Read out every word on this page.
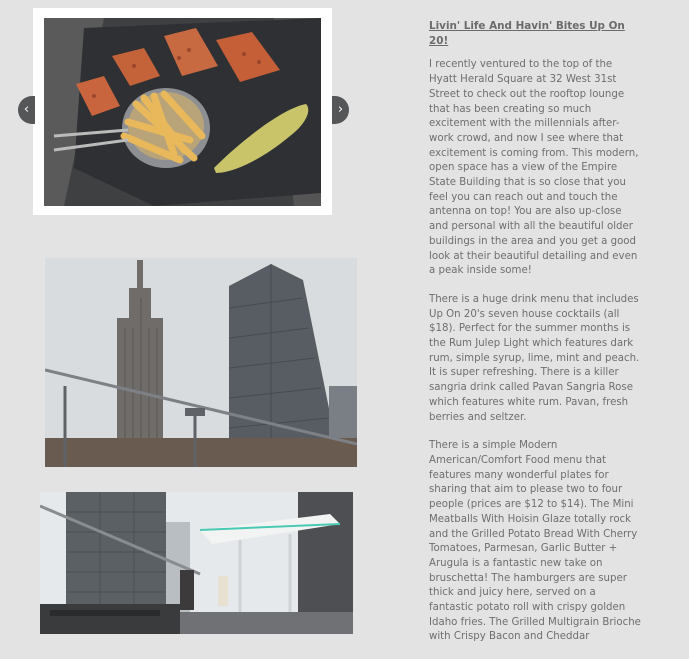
‹	›
Livin' Life And Havin' Bites Up On 20!

I recently ventured to the top of the Hyatt Herald Square at 32 West 31st Street to check out the rooftop lounge that has been creating so much excitement with the millennials after-work crowd, and now I see where that excitement is coming from. This modern, open space has a view of the Empire State Building that is so close that you feel you can reach out and touch the antenna on top! You are also up-close and personal with all the beautiful older buildings in the area and you get a good look at their beautiful detailing and even a peak inside some!

There is a huge drink menu that includes Up On 20's seven house cocktails (all $18). Perfect for the summer months is the Rum Julep Light which features dark rum, simple syrup, lime, mint and peach. It is super refreshing. There is a killer sangria drink called Pavan Sangria Rose which features white rum. Pavan, fresh berries and seltzer.

There is a simple Modern American/Comfort Food menu that features many wonderful plates for sharing that aim to please two to four people (prices are $12 to $14). The Mini Meatballs With Hoisin Glaze totally rock and the Grilled Potato Bread With Cherry Tomatoes, Parmesan, Garlic Butter + Arugula is a fantastic new take on bruschetta! The hamburgers are super thick and juicy here, served on a fantastic potato roll with crispy golden Idaho fries. The Grilled Multigrain Brioche with Crispy Bacon and Cheddar
